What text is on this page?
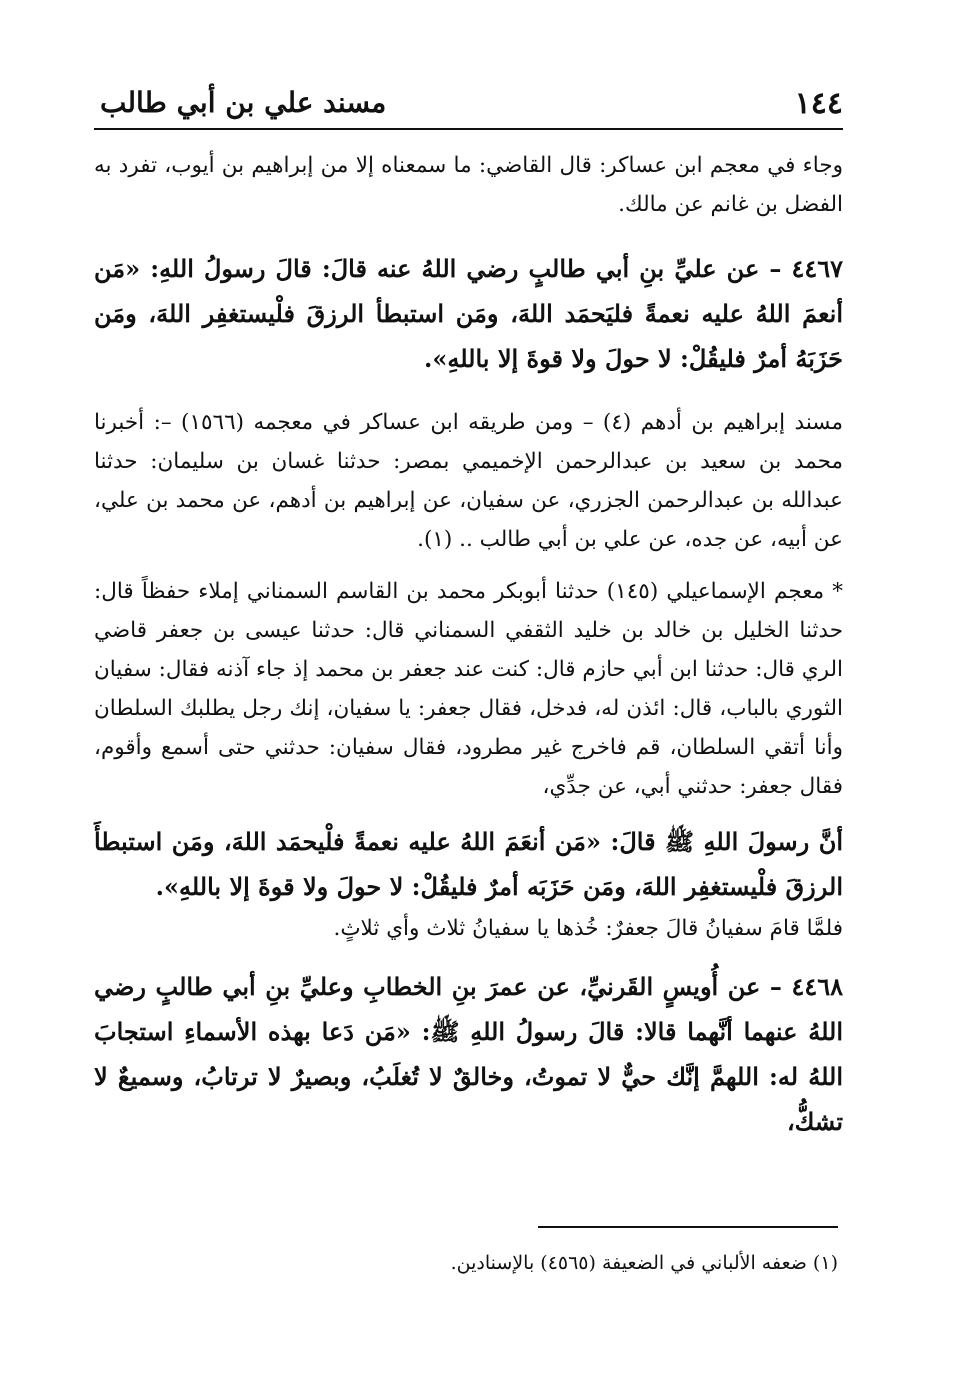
١٤٤
مسند علي بن أبي طالب

وجاء في معجم ابن عساكر: قال القاضي: ما سمعناه إلا من إبراهيم بن أيوب، تفرد به الفضل بن غانم عن مالك.

٤٤٦٧ – عن عليِّ بنِ أبي طالبٍ رضي اللهُ عنه قالَ: قالَ رسولُ اللهِ: «مَن أنعمَ اللهُ عليه نعمةً فليَحمَد اللهَ، ومَن استبطأ الرزقَ فلْيستغفِر اللهَ، ومَن حَزَبَهُ أمرٌ فليقُلْ: لا حولَ ولا قوةَ إلا باللهِ».

مسند إبراهيم بن أدهم (٤) – ومن طريقه ابن عساكر في معجمه (١٥٦٦) –: أخبرنا محمد بن سعيد بن عبدالرحمن الإخميمي بمصر: حدثنا غسان بن سليمان: حدثنا عبدالله بن عبدالرحمن الجزري، عن سفيان، عن إبراهيم بن أدهم، عن محمد بن علي، عن أبيه، عن جده، عن علي بن أبي طالب .. (١).

* معجم الإسماعيلي (١٤٥) حدثنا أبوبكر محمد بن القاسم السمناني إملاء حفظاً قال: حدثنا الخليل بن خالد بن خليد الثقفي السمناني قال: حدثنا عيسى بن جعفر قاضي الري قال: حدثنا ابن أبي حازم قال: كنت عند جعفر بن محمد إذ جاء آذنه فقال: سفيان الثوري بالباب، قال: ائذن له، فدخل، فقال جعفر: يا سفيان، إنك رجل يطلبك السلطان وأنا أتقي السلطان، قم فاخرج غير مطرود، فقال سفيان: حدثني حتى أسمع وأقوم، فقال جعفر: حدثني أبي، عن جدِّي،

أنَّ رسولَ اللهِ ﷺ قالَ: «مَن أنعَمَ اللهُ عليه نعمةً فلْيحمَد اللهَ، ومَن استبطأَ الرزقَ فلْيستغفِر اللهَ، ومَن حَزَبَه أمرٌ فليقُلْ: لا حولَ ولا قوةَ إلا باللهِ».

فلمَّا قامَ سفيانُ قالَ جعفرٌ: خُذها يا سفيانُ ثلاث وأي ثلاثٍ.

٤٤٦٨ – عن أُويسٍ القَرنيِّ، عن عمرَ بنِ الخطابِ وعليِّ بنِ أبي طالبٍ رضي اللهُ عنهما أنَّهما قالا: قالَ رسولُ اللهِ ﷺ: «مَن دَعا بهذه الأسماءِ استجابَ اللهُ له: اللهمَّ إنَّك حيٌّ لا تموتُ، وخالقٌ لا تُغلَبُ، وبصيرٌ لا ترتابُ، وسميعٌ لا تشكُّ،

(١) ضعفه الألباني في الضعيفة (٤٥٦٥) بالإسنادين.
